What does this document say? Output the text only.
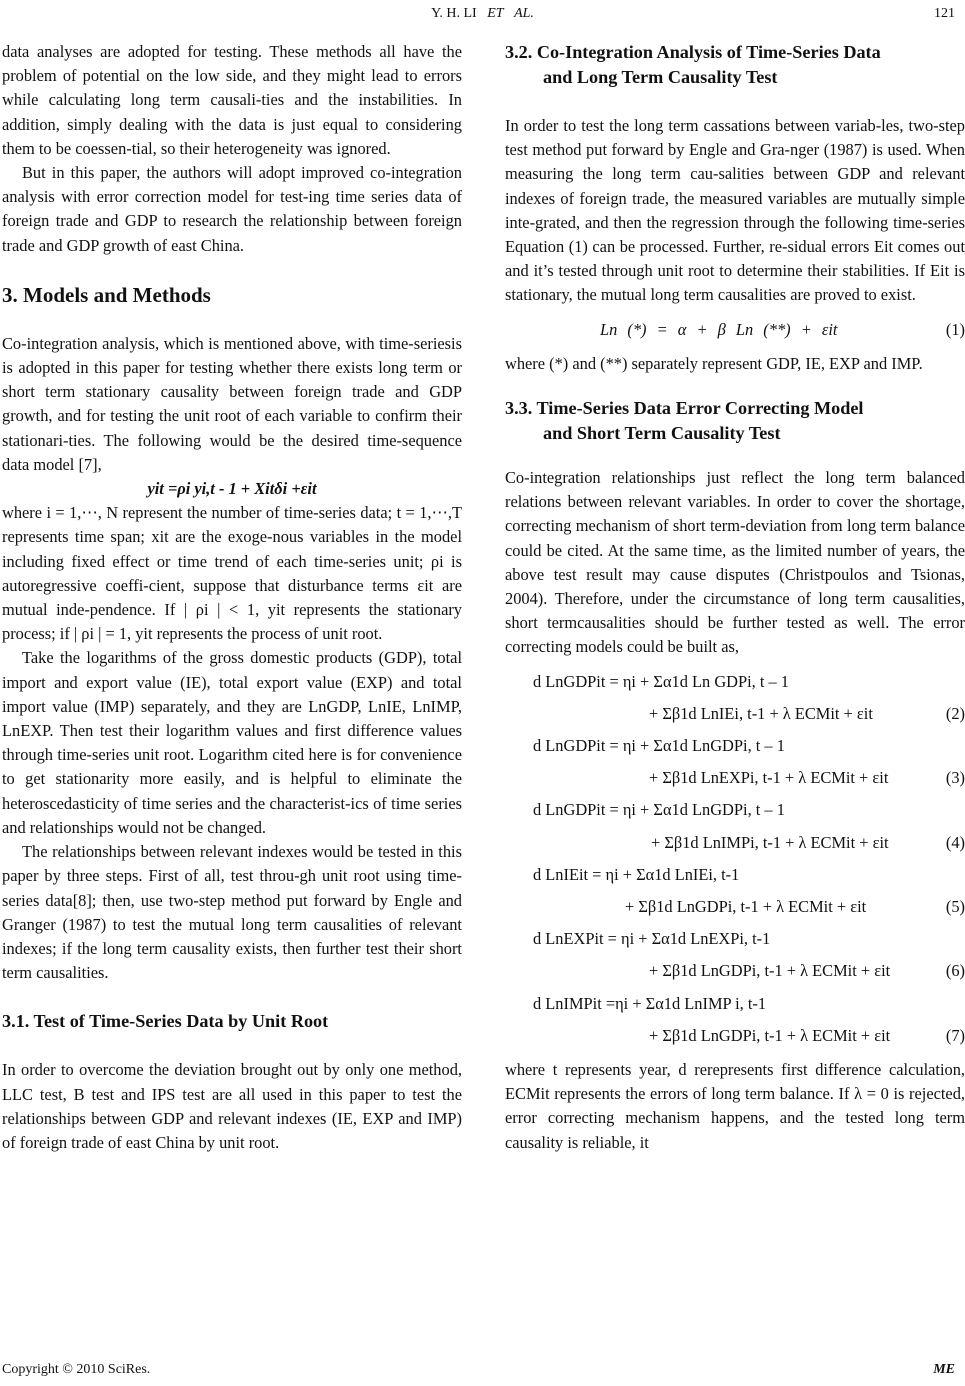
Y. H. LI ET AL.	121

data analyses are adopted for testing. These methods all have the problem of potential on the low side, and they might lead to errors while calculating long term causali-ties and the instabilities. In addition, simply dealing with the data is just equal to considering them to be coessen-tial, so their heterogeneity was ignored.

But in this paper, the authors will adopt improved co-integration analysis with error correction model for test-ing time series data of foreign trade and GDP to research the relationship between foreign trade and GDP growth of east China.

3. Models and Methods

Co-integration analysis, which is mentioned above, with time-seriesis is adopted in this paper for testing whether there exists long term or short term stationary causality between foreign trade and GDP growth, and for testing the unit root of each variable to confirm their stationari-ties. The following would be the desired time-sequence data model [7],

yit =ρi yi,t - 1 + Xitδi +εit

where i = 1,⋯, N represent the number of time-series data; t = 1,⋯,T represents time span; xit are the exoge-nous variables in the model including fixed effect or time trend of each time-series unit; ρi is autoregressive coeffi-cient, suppose that disturbance terms εit are mutual inde-pendence. If | ρi | < 1, yit represents the stationary process; if | ρi | = 1, yit represents the process of unit root.

Take the logarithms of the gross domestic products (GDP), total import and export value (IE), total export value (EXP) and total import value (IMP) separately, and they are LnGDP, LnIE, LnIMP, LnEXP. Then test their logarithm values and first difference values through time-series unit root. Logarithm cited here is for convenience to get stationarity more easily, and is helpful to eliminate the heteroscedasticity of time series and the characterist-ics of time series and relationships would not be changed.

The relationships between relevant indexes would be tested in this paper by three steps. First of all, test throu-gh unit root using time-series data[8]; then, use two-step method put forward by Engle and Granger (1987) to test the mutual long term causalities of relevant indexes; if the long term causality exists, then further test their short term causalities.

3.1. Test of Time-Series Data by Unit Root

In order to overcome the deviation brought out by only one method, LLC test, B test and IPS test are all used in this paper to test the relationships between GDP and relevant indexes (IE, EXP and IMP) of foreign trade of east China by unit root.

3.2. Co-Integration Analysis of Time-Series Data
and Long Term Causality Test

In order to test the long term cassations between variab-les, two-step test method put forward by Engle and Gra-nger (1987) is used. When measuring the long term cau-salities between GDP and relevant indexes of foreign trade, the measured variables are mutually simple inte-grated, and then the regression through the following time-series Equation (1) can be processed. Further, re-sidual errors Eit comes out and it’s tested through unit root to determine their stabilities. If Eit is stationary, the mutual long term causalities are proved to exist.

Ln (*) = α + β Ln (**) + εit	(1)

where (*) and (**) separately represent GDP, IE, EXP and IMP.

3.3. Time-Series Data Error Correcting Model
and Short Term Causality Test

Co-integration relationships just reflect the long term balanced relations between relevant variables. In order to cover the shortage, correcting mechanism of short term-deviation from long term balance could be cited. At the same time, as the limited number of years, the above test result may cause disputes (Christpoulos and Tsionas, 2004). Therefore, under the circumstance of long term causalities, short termcausalities should be further tested as well. The error correcting models could be built as,

d LnGDPit = ηi + Σα1d Ln GDPi, t – 1
+ Σβ1d LnIEi, t-1 + λ ECMit + εit	(2)
d LnGDPit = ηi + Σα1d LnGDPi, t – 1
+ Σβ1d LnEXPi, t-1 + λ ECMit + εit	(3)
d LnGDPit = ηi + Σα1d LnGDPi, t – 1
+ Σβ1d LnIMPi, t-1 + λ ECMit + εit	(4)
d LnIEit = ηi + Σα1d LnIEi, t-1
+ Σβ1d LnGDPi, t-1 + λ ECMit + εit	(5)
d LnEXPit = ηi + Σα1d LnEXPi, t-1
+ Σβ1d LnGDPi, t-1 + λ ECMit + εit	(6)
d LnIMPit =ηi + Σα1d LnIMP i, t-1
+ Σβ1d LnGDPi, t-1 + λ ECMit + εit	(7)

where t represents year, d rerepresents first difference calculation, ECMit represents the errors of long term balance. If λ = 0 is rejected, error correcting mechanism happens, and the tested long term causality is reliable, it

Copyright © 2010 SciRes.	ME
